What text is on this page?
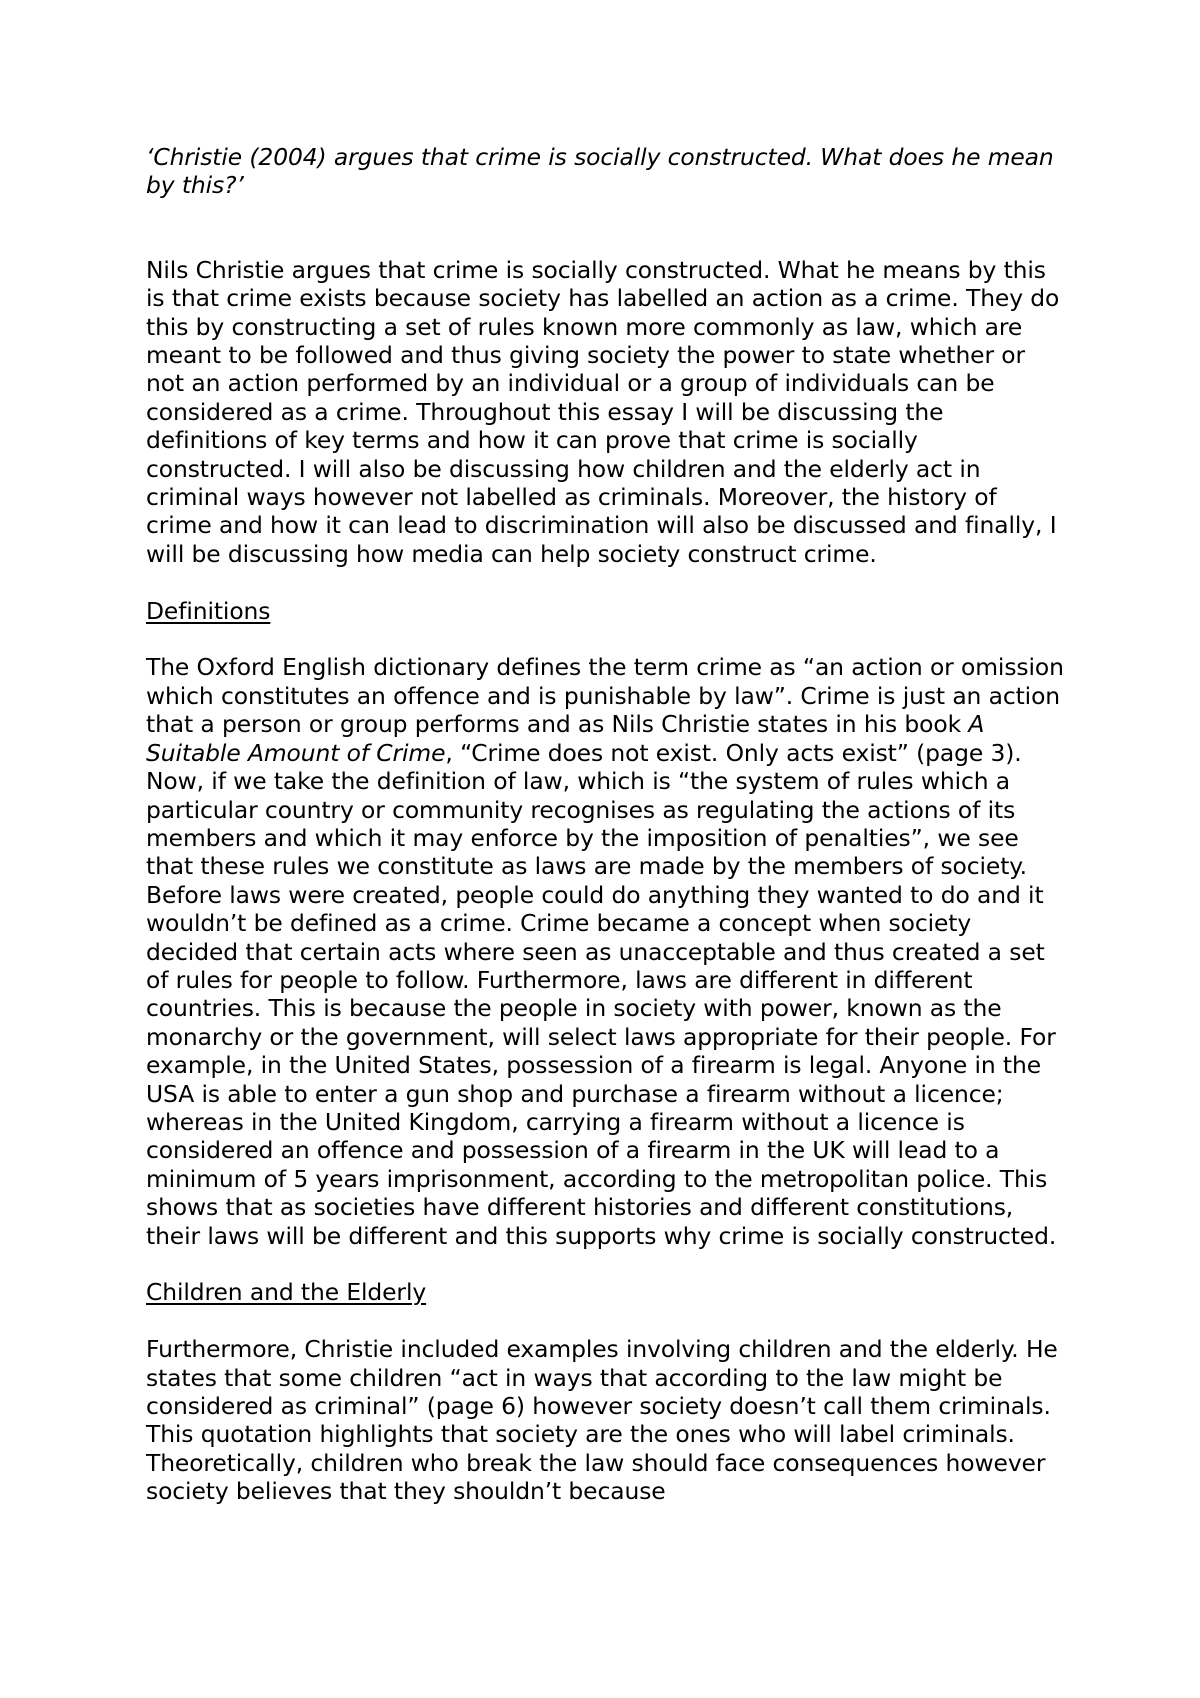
‘Christie (2004) argues that crime is socially constructed. What does he mean by this?’

Nils Christie argues that crime is socially constructed. What he means by this is that crime exists because society has labelled an action as a crime. They do this by constructing a set of rules known more commonly as law, which are meant to be followed and thus giving society the power to state whether or not an action performed by an individual or a group of individuals can be considered as a crime. Throughout this essay I will be discussing the definitions of key terms and how it can prove that crime is socially constructed. I will also be discussing how children and the elderly act in criminal ways however not labelled as criminals. Moreover, the history of crime and how it can lead to discrimination will also be discussed and finally, I will be discussing how media can help society construct crime.

Definitions

The Oxford English dictionary defines the term crime as “an action or omission which constitutes an offence and is punishable by law”. Crime is just an action that a person or group performs and as Nils Christie states in his book A Suitable Amount of Crime, “Crime does not exist. Only acts exist” (page 3). Now, if we take the definition of law, which is “the system of rules which a particular country or community recognises as regulating the actions of its members and which it may enforce by the imposition of penalties”, we see that these rules we constitute as laws are made by the members of society. Before laws were created, people could do anything they wanted to do and it wouldn’t be defined as a crime. Crime became a concept when society decided that certain acts where seen as unacceptable and thus created a set of rules for people to follow. Furthermore, laws are different in different countries. This is because the people in society with power, known as the monarchy or the government, will select laws appropriate for their people. For example, in the United States, possession of a firearm is legal. Anyone in the USA is able to enter a gun shop and purchase a firearm without a licence; whereas in the United Kingdom, carrying a firearm without a licence is considered an offence and possession of a firearm in the UK will lead to a minimum of 5 years imprisonment, according to the metropolitan police. This shows that as societies have different histories and different constitutions, their laws will be different and this supports why crime is socially constructed.

Children and the Elderly

Furthermore, Christie included examples involving children and the elderly. He states that some children “act in ways that according to the law might be considered as criminal” (page 6) however society doesn’t call them criminals. This quotation highlights that society are the ones who will label criminals. Theoretically, children who break the law should face consequences however society believes that they shouldn’t because
